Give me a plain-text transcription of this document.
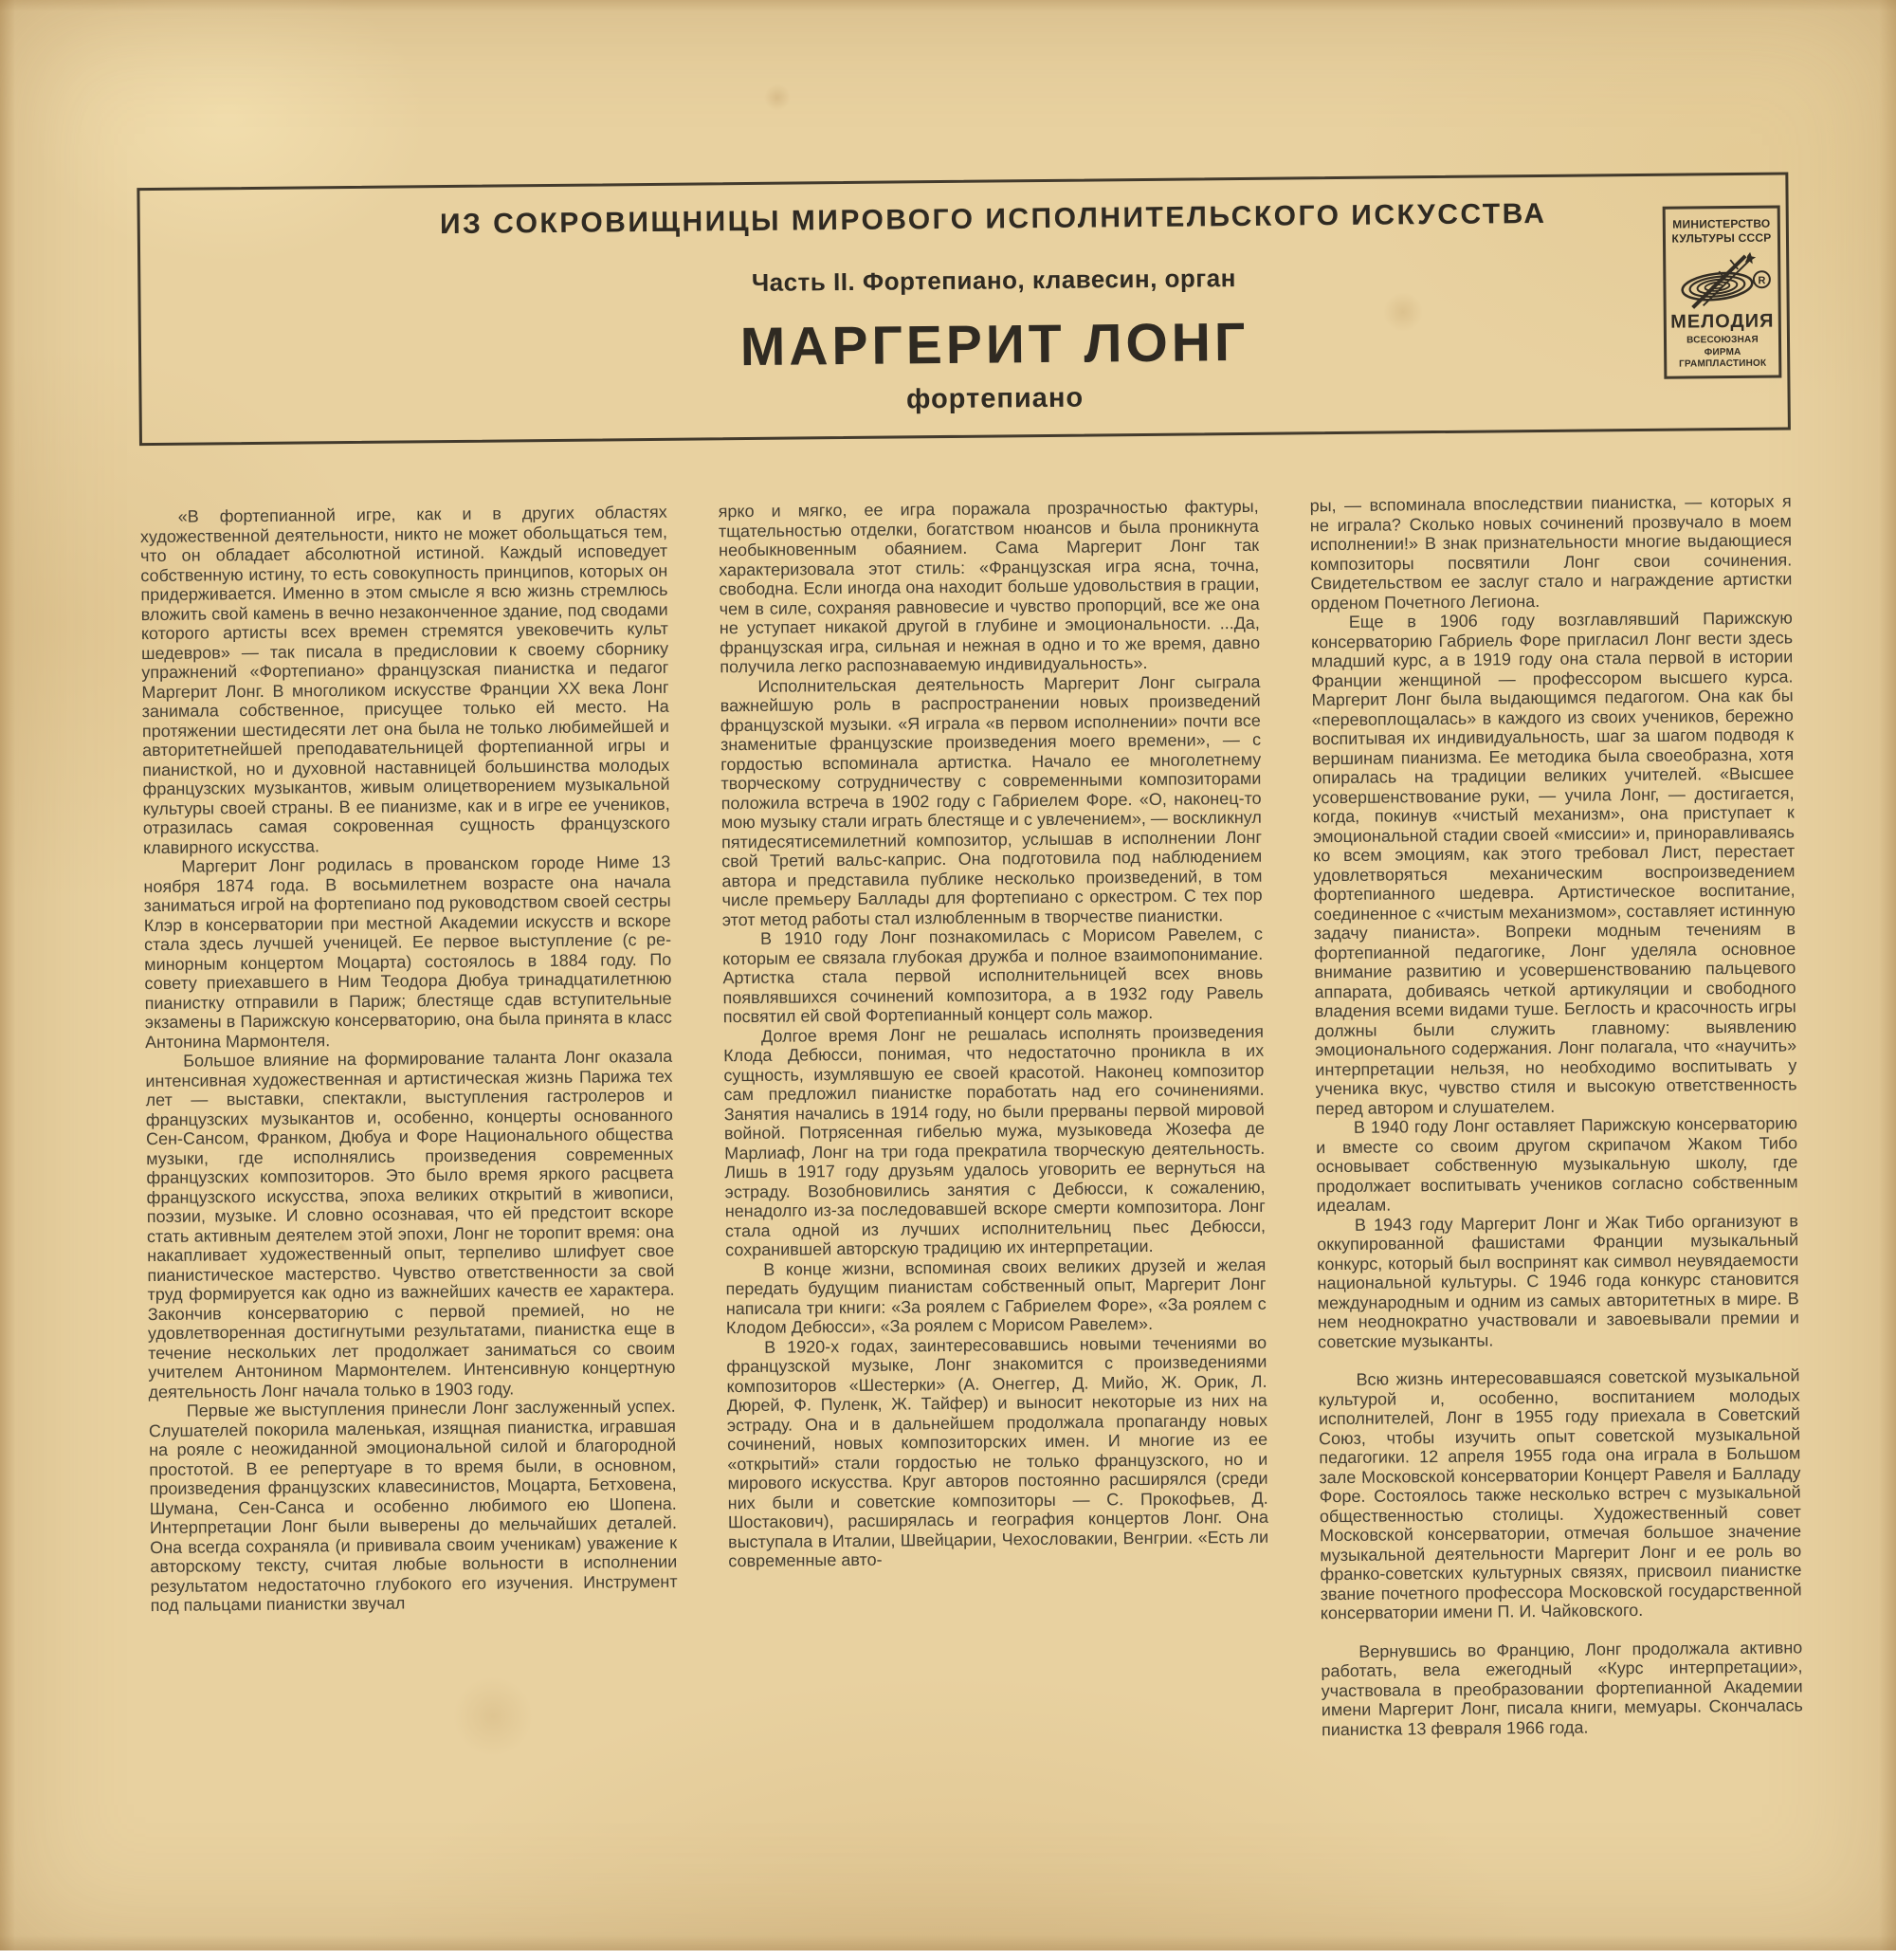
ИЗ СОКРОВИЩНИЦЫ МИРОВОГО ИСПОЛНИТЕЛЬСКОГО ИСКУССТВА
Часть II. Фортепиано, клавесин, орган
МАРГЕРИТ ЛОНГ
фортепиано
МИНИСТЕРСТВО
КУЛЬТУРЫ СССР
R
МЕЛОДИЯ
ВСЕСОЮЗНАЯ
ФИРМА
ГРАМПЛАСТИНОК

«В фортепианной игре, как и в других областях художественной деятельности, никто не может обольщаться тем, что он обладает абсолютной истиной. Каждый исповедует собственную истину, то есть совокупность принципов, которых он придерживается. Именно в этом смысле я всю жизнь стремлюсь вложить свой камень в вечно незаконченное здание, под сводами которого артисты всех времен стремятся увековечить культ шедевров» — так писала в предисловии к своему сборнику упражнений «Фортепиано» французская пианистка и педагог Маргерит Лонг. В многоликом искусстве Франции XX века Лонг занимала собственное, присущее только ей место. На протяжении шестидесяти лет она была не только любимейшей и авторитетнейшей преподавательницей фортепианной игры и пианисткой, но и духовной наставницей большинства молодых французских музыкантов, живым олицетворением музыкальной культуры своей страны. В ее пианизме, как и в игре ее учеников, отразилась самая сокровенная сущность французского клавирного искусства.

Маргерит Лонг родилась в прованском городе Ниме 13 ноября 1874 года. В восьмилетнем возрасте она начала заниматься игрой на фортепиано под руководством своей сестры Клэр в консерватории при местной Академии искусств и вскоре стала здесь лучшей ученицей. Ее первое выступление (с ре-минорным концертом Моцарта) состоялось в 1884 году. По совету приехавшего в Ним Теодора Дюбуа тринадцатилетнюю пианистку отправили в Париж; блестяще сдав вступительные экзамены в Парижскую консерваторию, она была принята в класс Антонина Мармонтеля.

Большое влияние на формирование таланта Лонг оказала интенсивная художественная и артистическая жизнь Парижа тех лет — выставки, спектакли, выступления гастролеров и французских музыкантов и, особенно, концерты основанного Сен-Сансом, Франком, Дюбуа и Форе Национального общества музыки, где исполнялись произведения современных французских композиторов. Это было время яркого расцвета французского искусства, эпоха великих открытий в живописи, поэзии, музыке. И словно осознавая, что ей предстоит вскоре стать активным деятелем этой эпохи, Лонг не торопит время: она накапливает художественный опыт, терпеливо шлифует свое пианистическое мастерство. Чувство ответственности за свой труд формируется как одно из важнейших качеств ее характера. Закончив консерваторию с первой премией, но не удовлетворенная достигнутыми результатами, пианистка еще в течение нескольких лет продолжает заниматься со своим учителем Антонином Мармонтелем. Интенсивную концертную деятельность Лонг начала только в 1903 году.

Первые же выступления принесли Лонг заслуженный успех. Слушателей покорила маленькая, изящная пианистка, игравшая на рояле с неожиданной эмоциональной силой и благородной простотой. В ее репертуаре в то время были, в основном, произведения французских клавесинистов, Моцарта, Бетховена, Шумана, Сен-Санса и особенно любимого ею Шопена. Интерпретации Лонг были выверены до мельчайших деталей. Она всегда сохраняла (и прививала своим ученикам) уважение к авторскому тексту, считая любые вольности в исполнении результатом недостаточно глубокого его изучения. Инструмент под пальцами пианистки звучал

ярко и мягко, ее игра поражала прозрачностью фактуры, тщательностью отделки, богатством нюансов и была проникнута необыкновенным обаянием. Сама Маргерит Лонг так характеризовала этот стиль: «Французская игра ясна, точна, свободна. Если иногда она находит больше удовольствия в грации, чем в силе, сохраняя равновесие и чувство пропорций, все же она не уступает никакой другой в глубине и эмоциональности. ...Да, французская игра, сильная и нежная в одно и то же время, давно получила легко распознаваемую индивидуальность».

Исполнительская деятельность Маргерит Лонг сыграла важнейшую роль в распространении новых произведений французской музыки. «Я играла «в первом исполнении» почти все знаменитые французские произведения моего времени», — с гордостью вспоминала артистка. Начало ее многолетнему творческому сотрудничеству с современными композиторами положила встреча в 1902 году с Габриелем Форе. «О, наконец-то мою музыку стали играть блестяще и с увлечением», — воскликнул пятидесятисемилетний композитор, услышав в исполнении Лонг свой Третий вальс-каприс. Она подготовила под наблюдением автора и представила публике несколько произведений, в том числе премьеру Баллады для фортепиано с оркестром. С тех пор этот метод работы стал излюбленным в творчестве пианистки.

В 1910 году Лонг познакомилась с Морисом Равелем, с которым ее связала глубокая дружба и полное взаимопонимание. Артистка стала первой исполнительницей всех вновь появлявшихся сочинений композитора, а в 1932 году Равель посвятил ей свой Фортепианный концерт соль мажор.

Долгое время Лонг не решалась исполнять произведения Клода Дебюсси, понимая, что недостаточно проникла в их сущность, изумлявшую ее своей красотой. Наконец композитор сам предложил пианистке поработать над его сочинениями. Занятия начались в 1914 году, но были прерваны первой мировой войной. Потрясенная гибелью мужа, музыковеда Жозефа де Марлиаф, Лонг на три года прекратила творческую деятельность. Лишь в 1917 году друзьям удалось уговорить ее вернуться на эстраду. Возобновились занятия с Дебюсси, к сожалению, ненадолго из-за последовавшей вскоре смерти композитора. Лонг стала одной из лучших исполнительниц пьес Дебюсси, сохранившей авторскую традицию их интерпретации.

В конце жизни, вспоминая своих великих друзей и желая передать будущим пианистам собственный опыт, Маргерит Лонг написала три книги: «За роялем с Габриелем Форе», «За роялем с Клодом Дебюсси», «За роялем с Морисом Равелем».

В 1920-х годах, заинтересовавшись новыми течениями во французской музыке, Лонг знакомится с произведениями композиторов «Шестерки» (А. Онеггер, Д. Мийо, Ж. Орик, Л. Дюрей, Ф. Пуленк, Ж. Тайфер) и выносит некоторые из них на эстраду. Она и в дальнейшем продолжала пропаганду новых сочинений, новых композиторских имен. И многие из ее «открытий» стали гордостью не только французского, но и мирового искусства. Круг авторов постоянно расширялся (среди них были и советские композиторы — С. Прокофьев, Д. Шостакович), расширялась и география концертов Лонг. Она выступала в Италии, Швейцарии, Чехословакии, Венгрии. «Есть ли современные авто-

ры, — вспоминала впоследствии пианистка, — которых я не играла? Сколько новых сочинений прозвучало в моем исполнении!» В знак признательности многие выдающиеся композиторы посвятили Лонг свои сочинения. Свидетельством ее заслуг стало и награждение артистки орденом Почетного Легиона.

Еще в 1906 году возглавлявший Парижскую консерваторию Габриель Форе пригласил Лонг вести здесь младший курс, а в 1919 году она стала первой в истории Франции женщиной — профессором высшего курса. Маргерит Лонг была выдающимся педагогом. Она как бы «перевоплощалась» в каждого из своих учеников, бережно воспитывая их индивидуальность, шаг за шагом подводя к вершинам пианизма. Ее методика была своеобразна, хотя опиралась на традиции великих учителей. «Высшее усовершенствование руки, — учила Лонг, — достигается, когда, покинув «чистый механизм», она приступает к эмоциональной стадии своей «миссии» и, приноравливаясь ко всем эмоциям, как этого требовал Лист, перестает удовлетворяться механическим воспроизведением фортепианного шедевра. Артистическое воспитание, соединенное с «чистым механизмом», составляет истинную задачу пианиста». Вопреки модным течениям в фортепианной педагогике, Лонг уделяла основное внимание развитию и усовершенствованию пальцевого аппарата, добиваясь четкой артикуляции и свободного владения всеми видами туше. Беглость и красочность игры должны были служить главному: выявлению эмоционального содержания. Лонг полагала, что «научить» интерпретации нельзя, но необходимо воспитывать у ученика вкус, чувство стиля и высокую ответственность перед автором и слушателем.

В 1940 году Лонг оставляет Парижскую консерваторию и вместе со своим другом скрипачом Жаком Тибо основывает собственную музыкальную школу, где продолжает воспитывать учеников согласно собственным идеалам.

В 1943 году Маргерит Лонг и Жак Тибо организуют в оккупированной фашистами Франции музыкальный конкурс, который был воспринят как символ неувядаемости национальной культуры. С 1946 года конкурс становится международным и одним из самых авторитетных в мире. В нем неоднократно участвовали и завоевывали премии и советские музыканты.

Всю жизнь интересовавшаяся советской музыкальной культурой и, особенно, воспитанием молодых исполнителей, Лонг в 1955 году приехала в Советский Союз, чтобы изучить опыт советской музыкальной педагогики. 12 апреля 1955 года она играла в Большом зале Московской консерватории Концерт Равеля и Балладу Форе. Состоялось также несколько встреч с музыкальной общественностью столицы. Художественный совет Московской консерватории, отмечая большое значение музыкальной деятельности Маргерит Лонг и ее роль во франко-советских культурных связях, присвоил пианистке звание почетного профессора Московской государственной консерватории имени П. И. Чайковского.

Вернувшись во Францию, Лонг продолжала активно работать, вела ежегодный «Курс интерпретации», участвовала в преобразовании фортепианной Академии имени Маргерит Лонг, писала книги, мемуары. Скончалась пианистка 13 февраля 1966 года.
